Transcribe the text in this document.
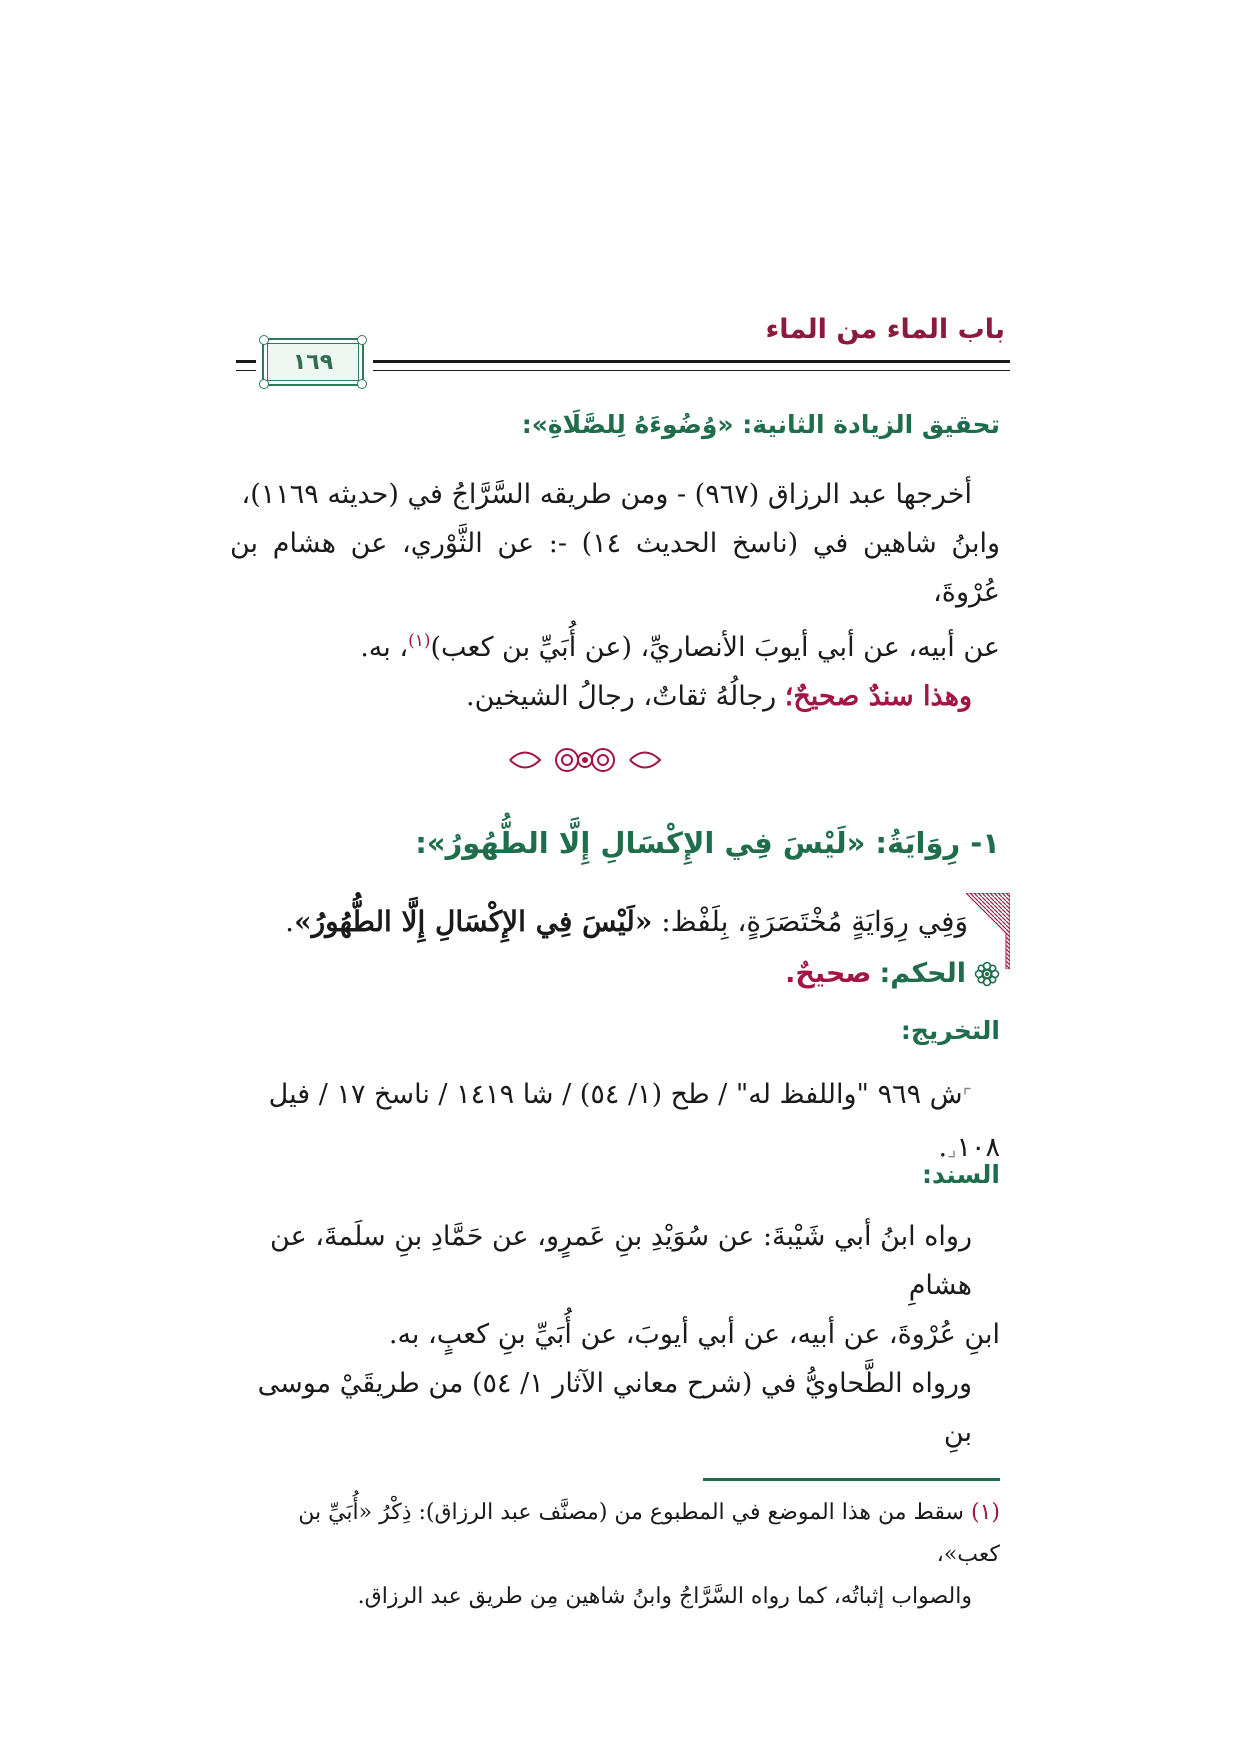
باب الماء من الماء
١٦٩
تحقيق الزيادة الثانية: «وُضُوءَهُ لِلصَّلَاةِ»:

أخرجها عبد الرزاق (٩٦٧) - ومن طريقه السَّرَّاجُ في (حديثه ١١٦٩)،

وابنُ شاهين في (ناسخ الحديث ١٤) -: عن الثَّوْري، عن هشام بن عُرْوةَ،

عن أبيه، عن أبي أيوبَ الأنصاريِّ، (عن أُبَيِّ بن كعب)$^{(١)}$، به.

وهذا سندٌ صحيحٌ؛ رجالُهُ ثقاتٌ، رجالُ الشيخين.

١- رِوَايَةُ: «لَيْسَ فِي الإِكْسَالِ إِلَّا الطُّهُورُ»:
وَفِي رِوَايَةٍ مُخْتَصَرَةٍ، بِلَفْظ: «لَيْسَ فِي الإِكْسَالِ إِلَّا الطُّهُورُ».
الحكم:
صحيحٌ.
التخريج:

⌜ش ٩٦٩ "واللفظ له" / طح (١/ ٥٤) / شا ١٤١٩ / ناسخ ١٧ / فيل

١٠٨⌟.

السند:

رواه ابنُ أبي شَيْبةَ: عن سُوَيْدِ بنِ عَمرٍو، عن حَمَّادِ بنِ سلَمةَ، عن هشامِ

ابنِ عُرْوةَ، عن أبيه، عن أبي أيوبَ، عن أُبَيِّ بنِ كعبٍ، به.

ورواه الطَّحاويُّ في (شرح معاني الآثار ١/ ٥٤) من طريقَيْ موسى بنِ

(١) سقط من هذا الموضع في المطبوع من (مصنَّف عبد الرزاق): ذِكْرُ «أُبَيِّ بن كعب»،

والصواب إثباتُه، كما رواه السَّرَّاجُ وابنُ شاهين مِن طريق عبد الرزاق.
